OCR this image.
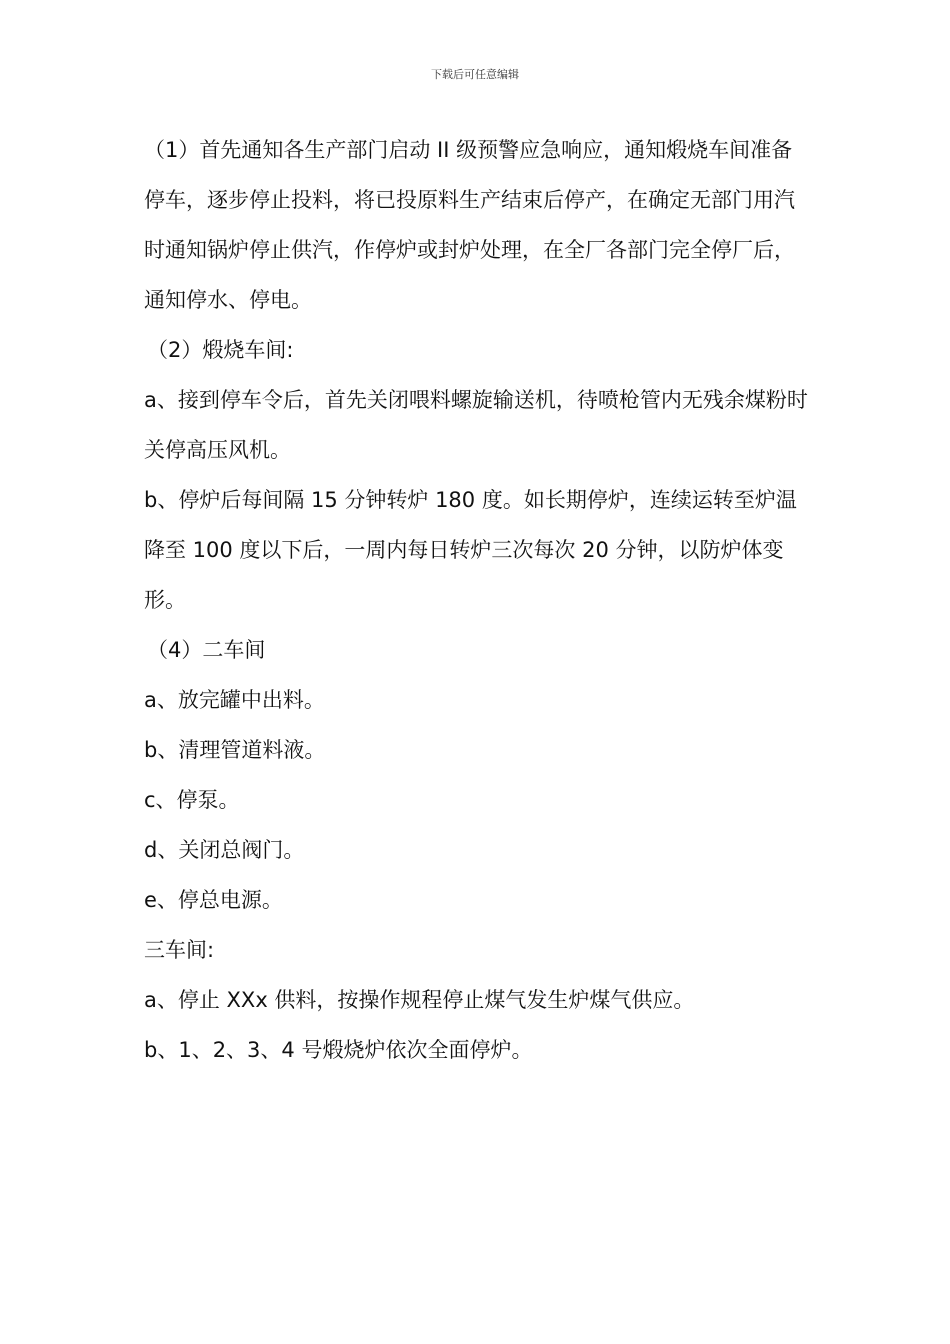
下载后可任意编辑

（1）首先通知各生产部门启动 II 级预警应急响应，通知煅烧车间准备停车，逐步停止投料，将已投原料生产结束后停产，在确定无部门用汽时通知锅炉停止供汽，作停炉或封炉处理，在全厂各部门完全停厂后，通知停水、停电。

（2）煅烧车间:

a、接到停车令后，首先关闭喂料螺旋输送机，待喷枪管内无残余煤粉时关停高压风机。

b、停炉后每间隔 15 分钟转炉 180 度。如长期停炉，连续运转至炉温降至 100 度以下后，一周内每日转炉三次每次 20 分钟，以防炉体变形。

（4）二车间

a、放完罐中出料。

b、清理管道料液。

c、停泵。

d、关闭总阀门。

e、停总电源。

三车间:

a、停止 XXx 供料，按操作规程停止煤气发生炉煤气供应。

b、1、2、3、4 号煅烧炉依次全面停炉。
